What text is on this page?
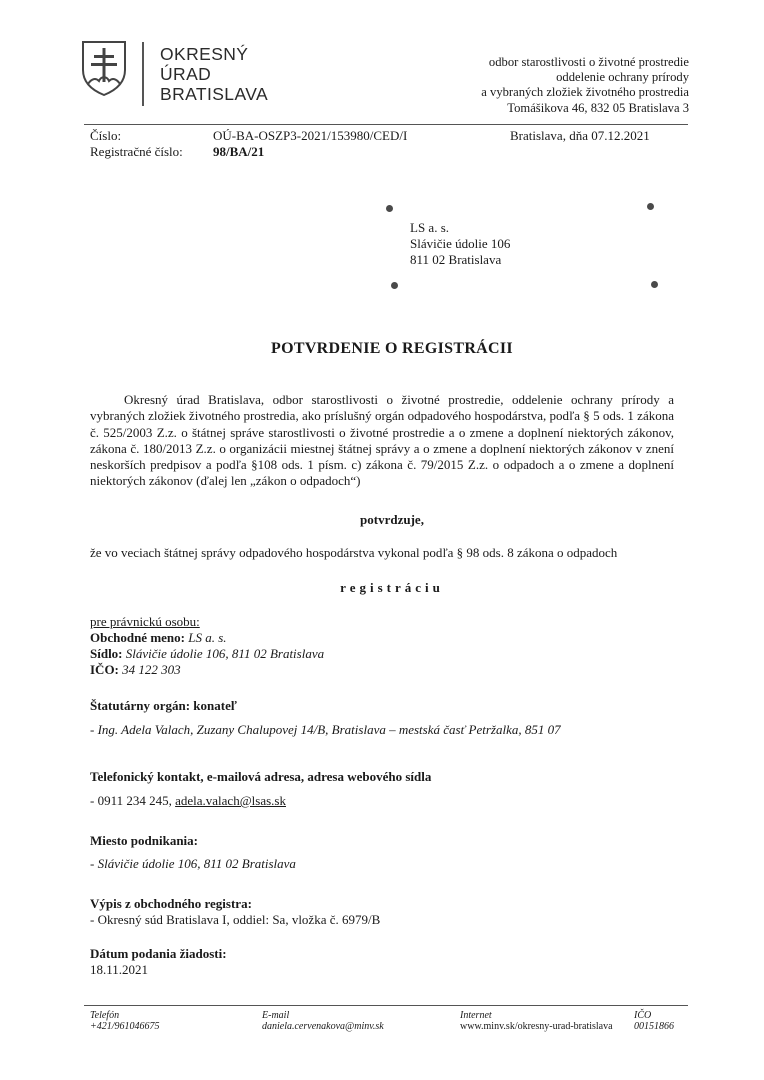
OKRESNÝ
ÚRAD
BRATISLAVA
odbor starostlivosti o životné prostredie
oddelenie ochrany prírody
a vybraných zložiek životného prostredia
Tomášikova 46, 832 05 Bratislava 3
Číslo:	OÚ-BA-OSZP3-2021/153980/CED/I	Bratislava, dňa 07.12.2021
Registračné číslo: 98/BA/21
LS a. s.
Slávičie údolie 106
811 02 Bratislava
POTVRDENIE O REGISTRÁCII

Okresný úrad Bratislava, odbor starostlivosti o životné prostredie, oddelenie ochrany prírody a vybraných zložiek životného prostredia, ako príslušný orgán odpadového hospodárstva, podľa § 5 ods. 1 zákona č. 525/2003 Z.z. o štátnej správe starostlivosti o životné prostredie a o zmene a doplnení niektorých zákonov, zákona č. 180/2013 Z.z. o organizácii miestnej štátnej správy a o zmene a doplnení niektorých zákonov v znení neskorších predpisov a podľa §108 ods. 1 písm. c) zákona č. 79/2015 Z.z. o odpadoch a o zmene a doplnení niektorých zákonov (ďalej len „zákon o odpadoch“)

potvrdzuje,
že vo veciach štátnej správy odpadového hospodárstva vykonal podľa § 98 ods. 8 zákona o odpadoch
registráciu
pre právnickú osobu:
Obchodné meno: LS a. s.
Sídlo: Slávičie údolie 106, 811 02 Bratislava
IČO: 34 122 303
Štatutárny orgán: konateľ
- Ing. Adela Valach, Zuzany Chalupovej 14/B, Bratislava – mestská časť Petržalka, 851 07
Telefonický kontakt, e-mailová adresa, adresa webového sídla
- 0911 234 245, adela.valach@lsas.sk
Miesto podnikania:
- Slávičie údolie 106, 811 02 Bratislava
Výpis z obchodného registra:
- Okresný súd Bratislava I, oddiel: Sa, vložka č. 6979/B
Dátum podania žiadosti:
18.11.2021
Telefón
+421/961046675
E-mail
daniela.cervenakova@minv.sk
Internet
www.minv.sk/okresny-urad-bratislava
IČO
00151866
